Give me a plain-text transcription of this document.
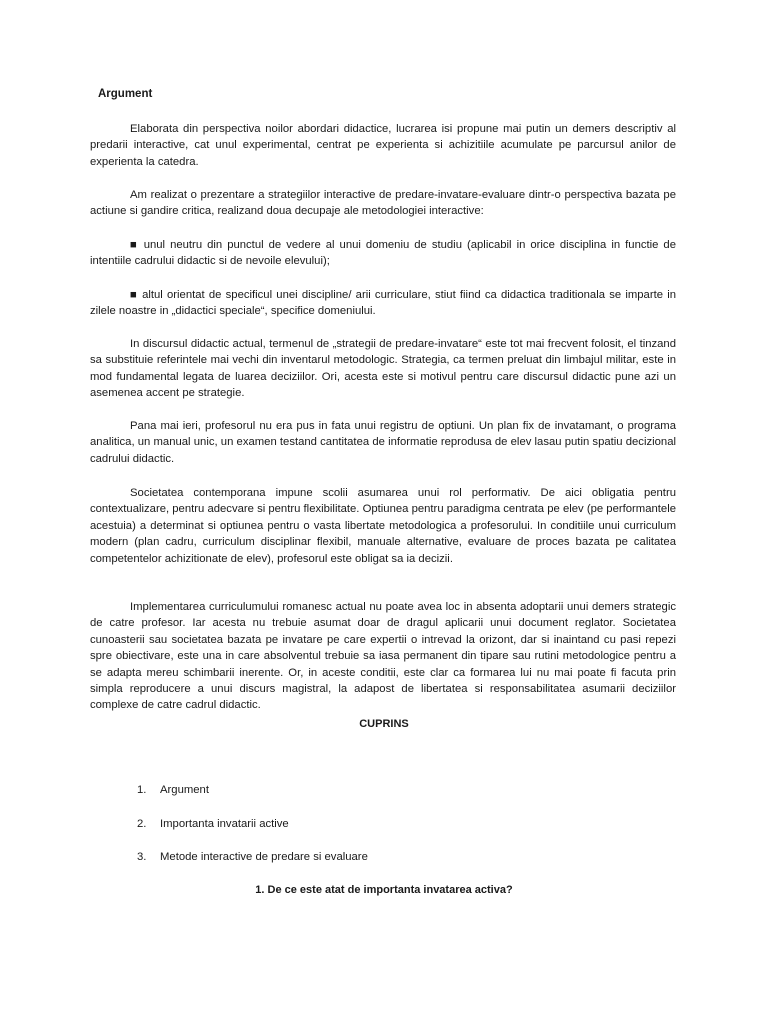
Argument

Elaborata din perspectiva noilor abordari didactice, lucrarea isi propune mai putin un demers descriptiv al predarii interactive, cat unul experimental, centrat pe experienta si achizitiile acumulate pe parcursul anilor de experienta la catedra.

Am realizat o prezentare a strategiilor interactive de predare-invatare-evaluare dintr-o perspectiva bazata pe actiune si gandire critica, realizand doua decupaje ale metodologiei interactive:

■ unul neutru din punctul de vedere al unui domeniu de studiu (aplicabil in orice disciplina in functie de intentiile cadrului didactic si de nevoile elevului);

■ altul orientat de specificul unei discipline/ arii curriculare, stiut fiind ca didactica traditionala se imparte in zilele noastre in „didactici speciale“, specifice domeniului.

In discursul didactic actual, termenul de „strategii de predare-invatare“ este tot mai frecvent folosit, el tinzand sa substituie referintele mai vechi din inventarul metodologic. Strategia, ca termen preluat din limbajul militar, este in mod fundamental legata de luarea deciziilor. Ori, acesta este si motivul pentru care discursul didactic pune azi un asemenea accent pe strategie.

Pana mai ieri, profesorul nu era pus in fata unui registru de optiuni. Un plan fix de invatamant, o programa analitica, un manual unic, un examen testand cantitatea de informatie reprodusa de elev lasau putin spatiu decizional cadrului didactic.

Societatea contemporana impune scolii asumarea unui rol performativ. De aici obligatia pentru contextualizare, pentru adecvare si pentru flexibilitate. Optiunea pentru paradigma centrata pe elev (pe performantele acestuia) a determinat si optiunea pentru o vasta libertate metodologica a profesorului. In conditiile unui curriculum modern (plan cadru, curriculum disciplinar flexibil, manuale alternative, evaluare de proces bazata pe calitatea competentelor achizitionate de elev), profesorul este obligat sa ia decizii.

Implementarea curriculumului romanesc actual nu poate avea loc in absenta adoptarii unui demers strategic de catre profesor. Iar acesta nu trebuie asumat doar de dragul aplicarii unui document reglator. Societatea cunoasterii sau societatea bazata pe invatare pe care expertii o intrevad la orizont, dar si inaintand cu pasi repezi spre obiectivare, este una in care absolventul trebuie sa iasa permanent din tipare sau rutini metodologice pentru a se adapta mereu schimbarii inerente. Or, in aceste conditii, este clar ca formarea lui nu mai poate fi facuta prin simpla reproducere a unui discurs magistral, la adapost de libertatea si responsabilitatea asumarii deciziilor complexe de catre cadrul didactic.

CUPRINS
1. Argument
2. Importanta invatarii active
3. Metode interactive de predare si evaluare
1. De ce este atat de importanta invatarea activa?
